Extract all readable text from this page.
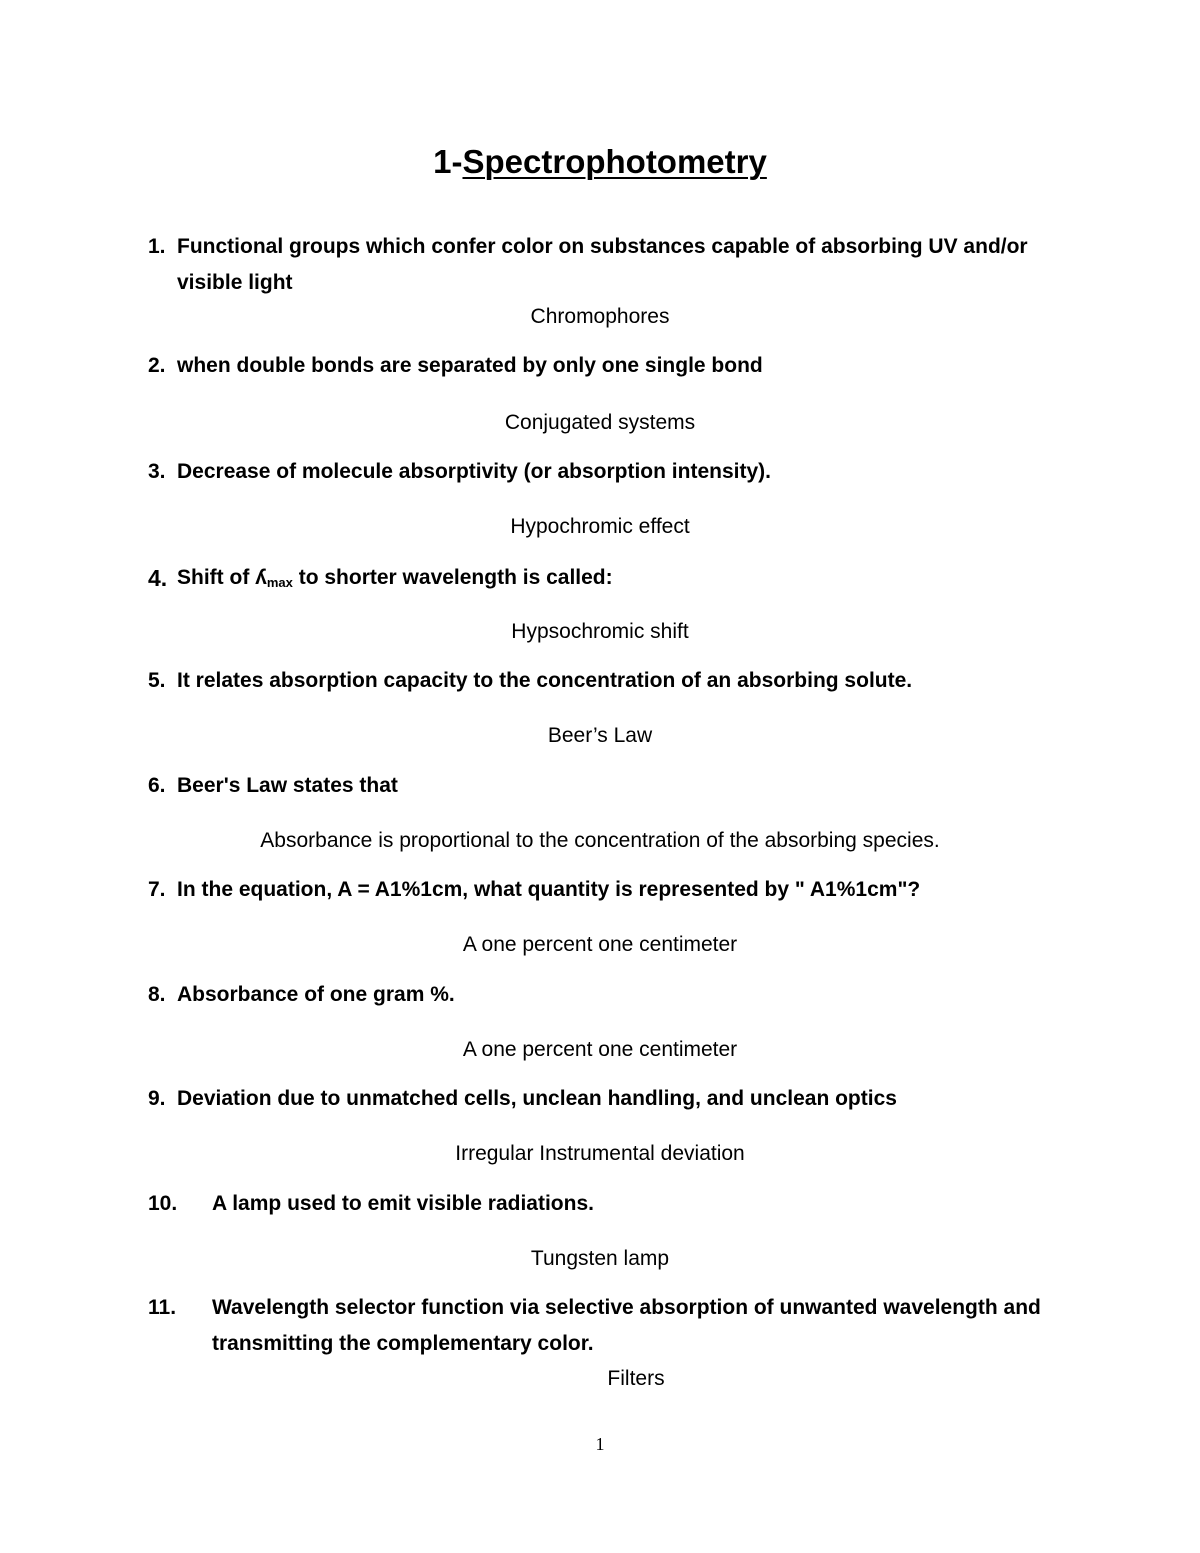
1-Spectrophotometry
1. Functional groups which confer color on substances capable of absorbing UV and/or visible light
Chromophores
2. when double bonds are separated by only one single bond
Conjugated systems
3. Decrease of molecule absorptivity (or absorption intensity).
Hypochromic effect
4. Shift of ʎ$_{max}$ to shorter wavelength is called:
Hypsochromic shift
5. It relates absorption capacity to the concentration of an absorbing solute.
Beer’s Law
6. Beer's Law states that
Absorbance is proportional to the concentration of the absorbing species.
7. In the equation, A = A1%1cm, what quantity is represented by " A1%1cm"?
A one percent one centimeter
8. Absorbance of one gram %.
A one percent one centimeter
9. Deviation due to unmatched cells, unclean handling, and unclean optics
Irregular Instrumental deviation
10.	A lamp used to emit visible radiations.
Tungsten lamp
11.	Wavelength selector function via selective absorption of unwanted wavelength and transmitting the complementary color.
Filters
1
